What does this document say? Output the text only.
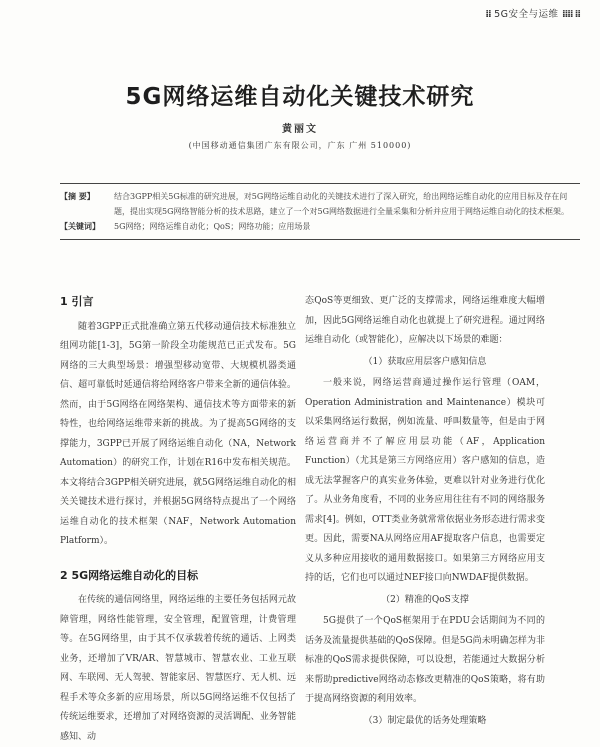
⁞⁞ 5G安全与运维 ⁞⁞⁞⁞ ⁞⁞
5G网络运维自动化关键技术研究
黄丽文
(中国移动通信集团广东有限公司，广东 广州 510000)
【摘 要】	结合3GPP相关5G标准的研究进展，对5G网络运维自动化的关键技术进行了深入研究，给出网络运维自动化的应用目标及存在问题，提出实现5G网络智能分析的技术思路，建立了一个对5G网络数据进行全量采集和分析并应用于网络运维自动化的技术框架。
【关键词】	5G网络；网络运维自动化；QoS；网络功能；应用场景
1 引言

随着3GPP正式批准确立第五代移动通信技术标准独立组网功能[1-3]，5G第一阶段全功能规范已正式发布。5G网络的三大典型场景：增强型移动宽带、大规模机器类通信、超可靠低时延通信将给网络客户带来全新的通信体验。然而，由于5G网络在网络架构、通信技术等方面带来的新特性，也给网络运维带来新的挑战。为了提高5G网络的支撑能力，3GPP已开展了网络运维自动化（NA，Network Automation）的研究工作，计划在R16中发布相关规范。本文将结合3GPP相关研究进展，就5G网络运维自动化的相关关键技术进行探讨，并根据5G网络特点提出了一个网络运维自动化的技术框架（NAF，Network Automation Platform）。

2 5G网络运维自动化的目标

在传统的通信网络里，网络运维的主要任务包括网元故障管理，网络性能管理，安全管理，配置管理，计费管理等。在5G网络里，由于其不仅承载着传统的通话、上网类业务，还增加了VR/AR、智慧城市、智慧农业、工业互联网、车联网、无人驾驶、智能家居、智慧医疗、无人机、远程手术等众多新的应用场景，所以5G网络运维不仅包括了传统运维要求，还增加了对网络资源的灵活调配、业务智能感知、动

态QoS等更细致、更广泛的支撑需求，网络运维难度大幅增加，因此5G网络运维自动化也就提上了研究进程。通过网络运维自动化（或智能化），应解决以下场景的难题：

（1）获取应用层客户感知信息

一般来说，网络运营商通过操作运行管理（OAM，Operation Administration and Maintenance）模块可以采集网络运行数据，例如流量、呼叫数量等，但是由于网络运营商并不了解应用层功能（AF，Application Function）（尤其是第三方网络应用）客户感知的信息，造成无法掌握客户的真实业务体验，更难以针对业务进行优化了。从业务角度看，不同的业务应用往往有不同的网络服务需求[4]。例如，OTT类业务就常常依据业务形态进行需求变更。因此，需要NA从网络应用AF提取客户信息，也需要定义从多种应用接收的通用数据接口。如果第三方网络应用支持的话，它们也可以通过NEF接口向NWDAF提供数据。

（2）精准的QoS支撑

5G提供了一个QoS框架用于在PDU会话期间为不同的话务及流量提供基础的QoS保障。但是5G尚未明确怎样为非标准的QoS需求提供保障，可以设想，若能通过大数据分析来帮助predictive网络动态修改更精准的QoS策略，将有助于提高网络资源的利用效率。

（3）制定最优的话务处理策略
